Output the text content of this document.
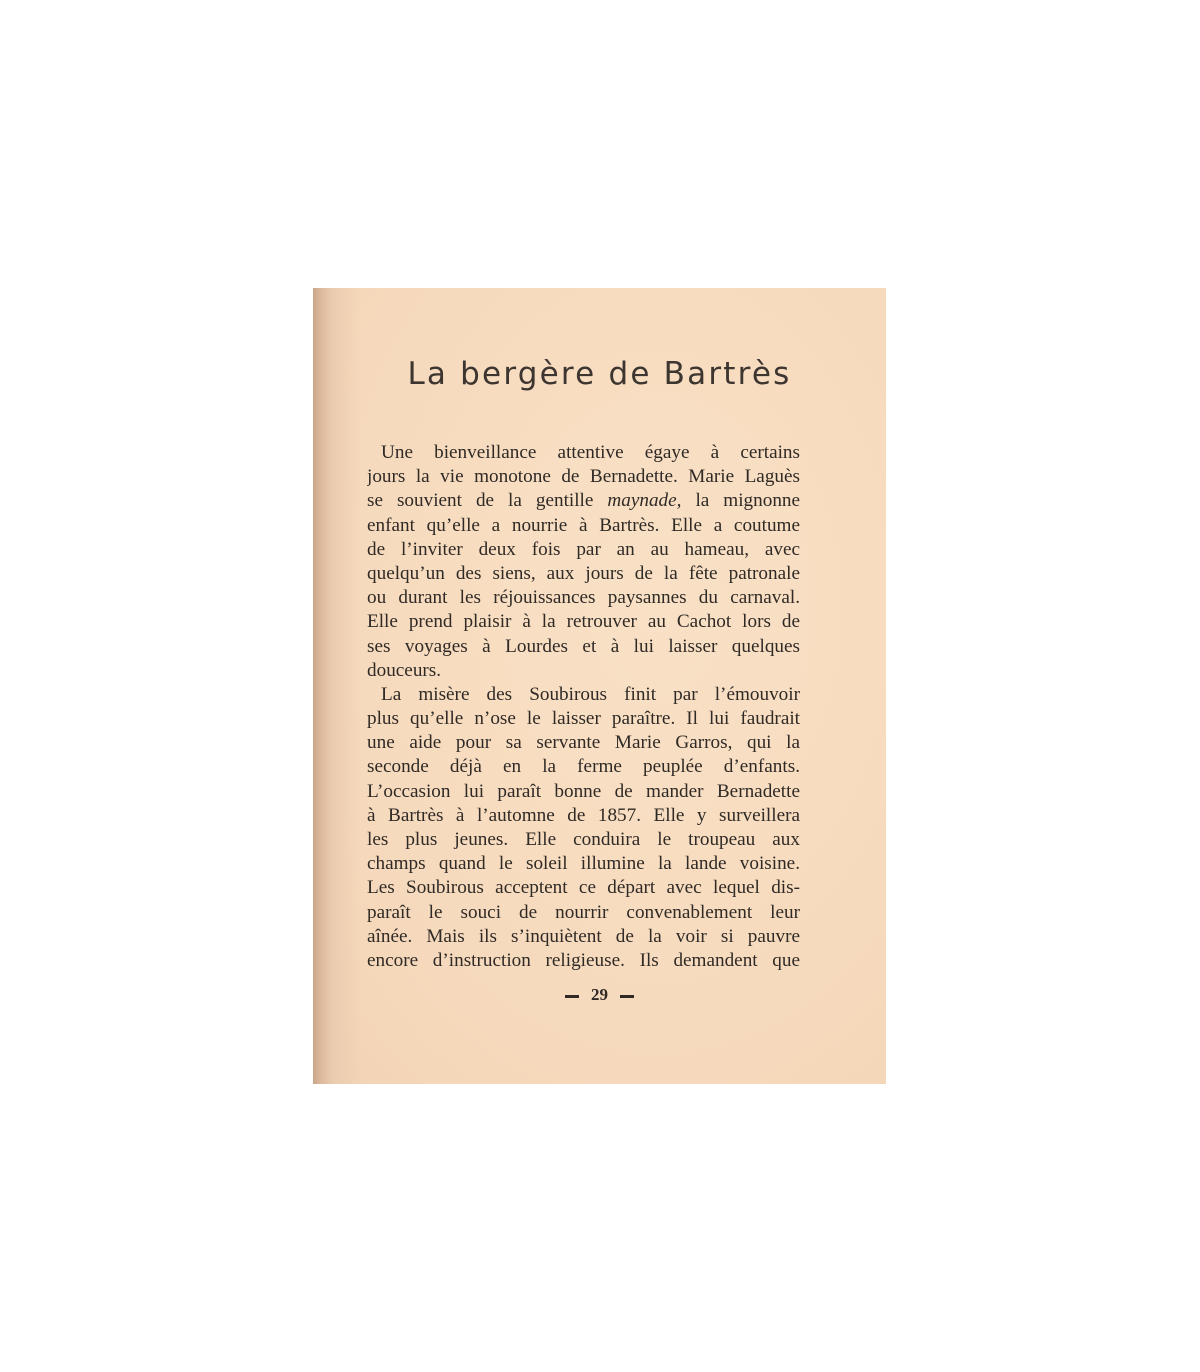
La bergère de Bartrès
Une bienveillance attentive égaye à certains
jours la vie monotone de Bernadette. Marie Laguès
se souvient de la gentille maynade, la mignonne
enfant qu’elle a nourrie à Bartrès. Elle a coutume
de l’inviter deux fois par an au hameau, avec
quelqu’un des siens, aux jours de la fête patronale
ou durant les réjouissances paysannes du carnaval.
Elle prend plaisir à la retrouver au Cachot lors de
ses voyages à Lourdes et à lui laisser quelques
douceurs.
La misère des Soubirous finit par l’émouvoir
plus qu’elle n’ose le laisser paraître. Il lui faudrait
une aide pour sa servante Marie Garros, qui la
seconde déjà en la ferme peuplée d’enfants.
L’occasion lui paraît bonne de mander Bernadette
à Bartrès à l’automne de 1857. Elle y surveillera
les plus jeunes. Elle conduira le troupeau aux
champs quand le soleil illumine la lande voisine.
Les Soubirous acceptent ce départ avec lequel dis-
paraît le souci de nourrir convenablement leur
aînée. Mais ils s’inquiètent de la voir si pauvre
encore d’instruction religieuse. Ils demandent que
29
